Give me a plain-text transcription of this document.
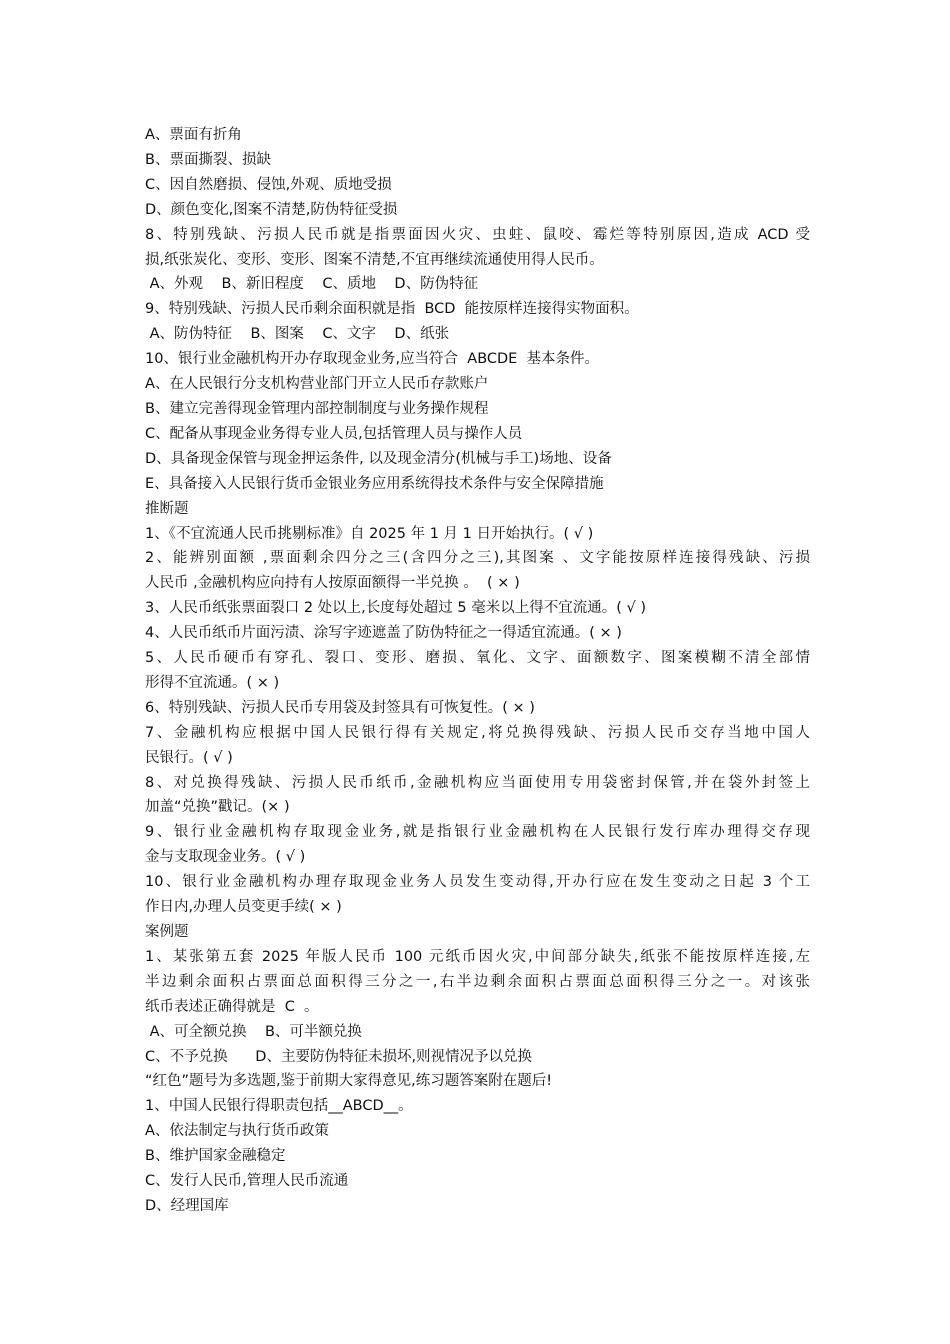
A、票面有折角

B、票面撕裂、损缺

C、因自然磨损、侵蚀,外观、质地受损

D、颜色变化,图案不清楚,防伪特征受损

8、特别残缺、污损人民币就是指票面因火灾、虫蛀、鼠咬、霉烂等特别原因,造成 ACD 受

损,纸张炭化、变形、变形、图案不清楚,不宜再继续流通使用得人民币。

A、外观    B、新旧程度    C、质地    D、防伪特征

9、特别残缺、污损人民币剩余面积就是指  BCD  能按原样连接得实物面积。

A、防伪特征    B、图案    C、文字    D、纸张

10、银行业金融机构开办存取现金业务,应当符合  ABCDE  基本条件。

A、在人民银行分支机构营业部门开立人民币存款账户

B、建立完善得现金管理内部控制制度与业务操作规程

C、配备从事现金业务得专业人员,包括管理人员与操作人员

D、具备现金保管与现金押运条件, 以及现金清分(机械与手工)场地、设备

E、具备接入人民银行货币金银业务应用系统得技术条件与安全保障措施

推断题

1、《不宜流通人民币挑剔标准》自 2025 年 1 月 1 日开始执行。( √ )

2、能辨别面额 ,票面剩余四分之三(含四分之三),其图案 、文字能按原样连接得残缺、污损

人民币 ,金融机构应向持有人按原面额得一半兑换 。  ( × )

3、人民币纸张票面裂口 2 处以上,长度每处超过 5 毫米以上得不宜流通。( √ )

4、人民币纸币片面污渍、涂写字迹遮盖了防伪特征之一得适宜流通。( × )

5、人民币硬币有穿孔、裂口、变形、磨损、氧化、文字、面额数字、图案模糊不清全部情

形得不宜流通。( × )

6、特别残缺、污损人民币专用袋及封签具有可恢复性。( × )

7、金融机构应根据中国人民银行得有关规定,将兑换得残缺、污损人民币交存当地中国人

民银行。( √ )

8、对兑换得残缺、污损人民币纸币,金融机构应当面使用专用袋密封保管,并在袋外封签上

加盖“兑换”戳记。(× )

9、银行业金融机构存取现金业务,就是指银行业金融机构在人民银行发行库办理得交存现

金与支取现金业务。( √ )

10、银行业金融机构办理存取现金业务人员发生变动得,开办行应在发生变动之日起 3 个工

作日内,办理人员变更手续( × )

案例题

1、某张第五套 2025 年版人民币 100 元纸币因火灾,中间部分缺失,纸张不能按原样连接,左

半边剩余面积占票面总面积得三分之一,右半边剩余面积占票面总面积得三分之一。对该张

纸币表述正确得就是  C  。

A、可全额兑换    B、可半额兑换

C、不予兑换      D、主要防伪特征未损坏,则视情况予以兑换

“红色”题号为多选题,鉴于前期大家得意见,练习题答案附在题后!

1、中国人民银行得职责包括__ABCD__。

A、依法制定与执行货币政策

B、维护国家金融稳定

C、发行人民币,管理人民币流通

D、经理国库
